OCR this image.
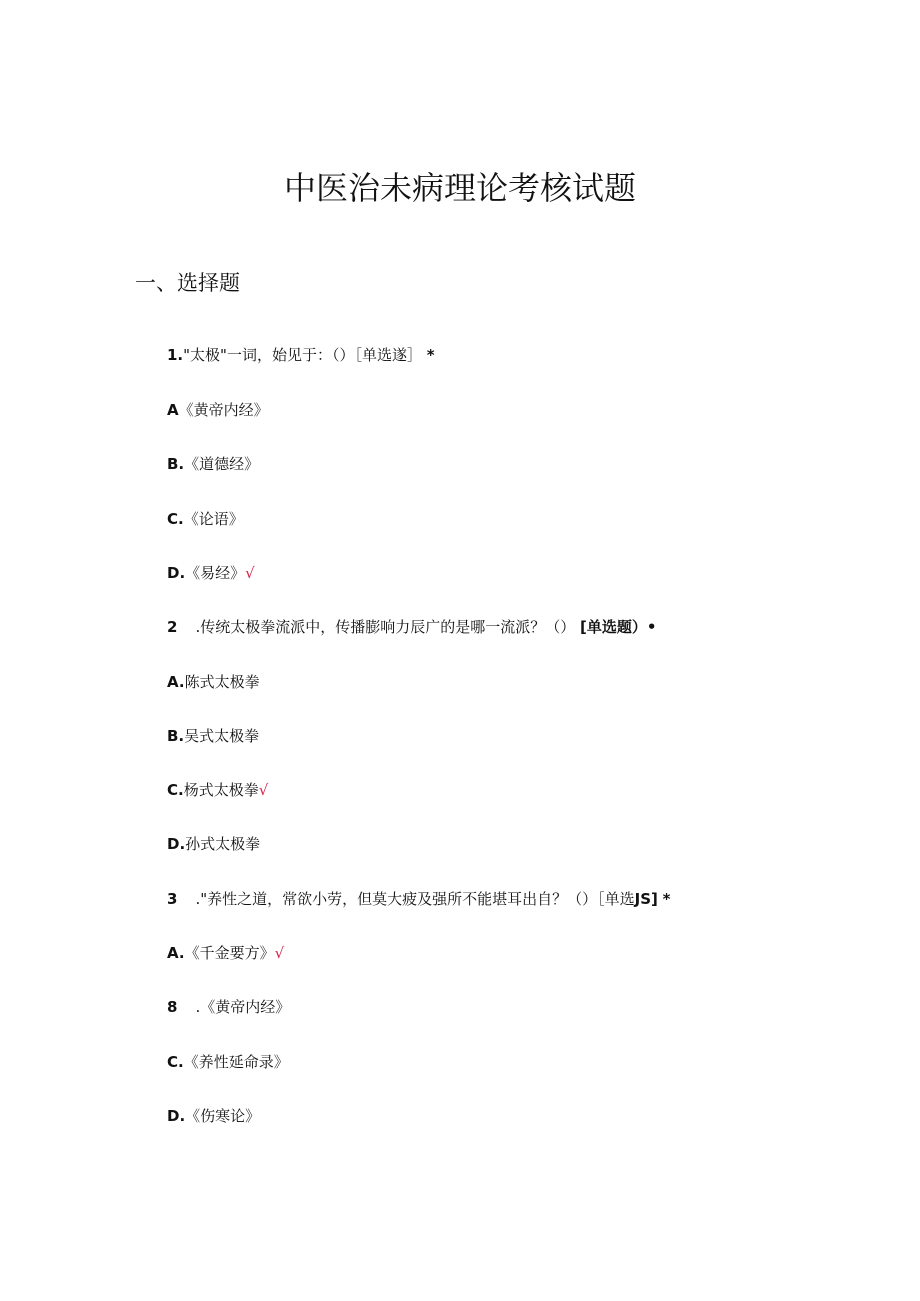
中医治未病理论考核试题
一、选择题
1."太极"一词，始见于：（）［单选遂］ *
A《黄帝内经》
B.《道德经》
C.《论语》
D.《易经》√
2 .传统太极拳流派中，传播膨响力辰广的是哪一流派？（） [单选题）•
A.陈式太极拳
B.吴式太极拳
C.杨式太极拳√
D.孙式太极拳
3 ."养性之道，常欲小劳，但莫大疲及强所不能堪耳出自？（）［单选JS] *
A.《千金要方》√
8 .《黄帝内经》
C.《养性延命录》
D.《伤寒论》
